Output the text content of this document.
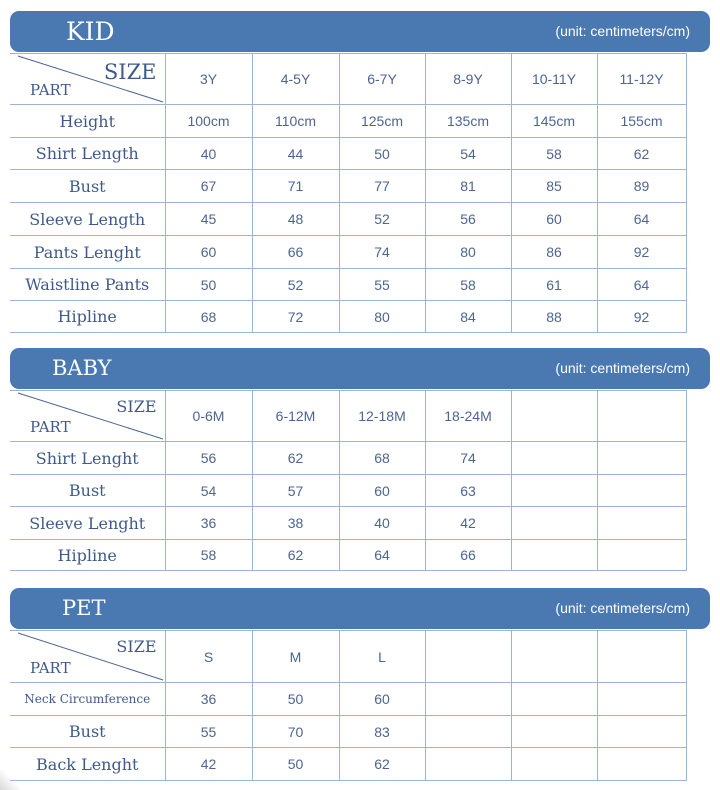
KID	(unit: centimeters/cm)
SIZE
PART	3Y	4-5Y	6-7Y	8-9Y	10-11Y	11-12Y	
Height	100cm	110cm	125cm	135cm	145cm	155cm	
Shirt Length	40	44	50	54	58	62	
Bust	67	71	77	81	85	89	
Sleeve Length	45	48	52	56	60	64	
Pants Lenght	60	66	74	80	86	92	
Waistline Pants	50	52	55	58	61	64	
Hipline	68	72	80	84	88	92	
BABY	(unit: centimeters/cm)
SIZE
PART	0-6M	6-12M	12-18M	18-24M			
Shirt Lenght	56	62	68	74			
Bust	54	57	60	63			
Sleeve Lenght	36	38	40	42			
Hipline	58	62	64	66			
PET	(unit: centimeters/cm)
SIZE
PART	S	M	L				
Neck Circumference	36	50	60				
Bust	55	70	83				
Back Lenght	42	50	62				
